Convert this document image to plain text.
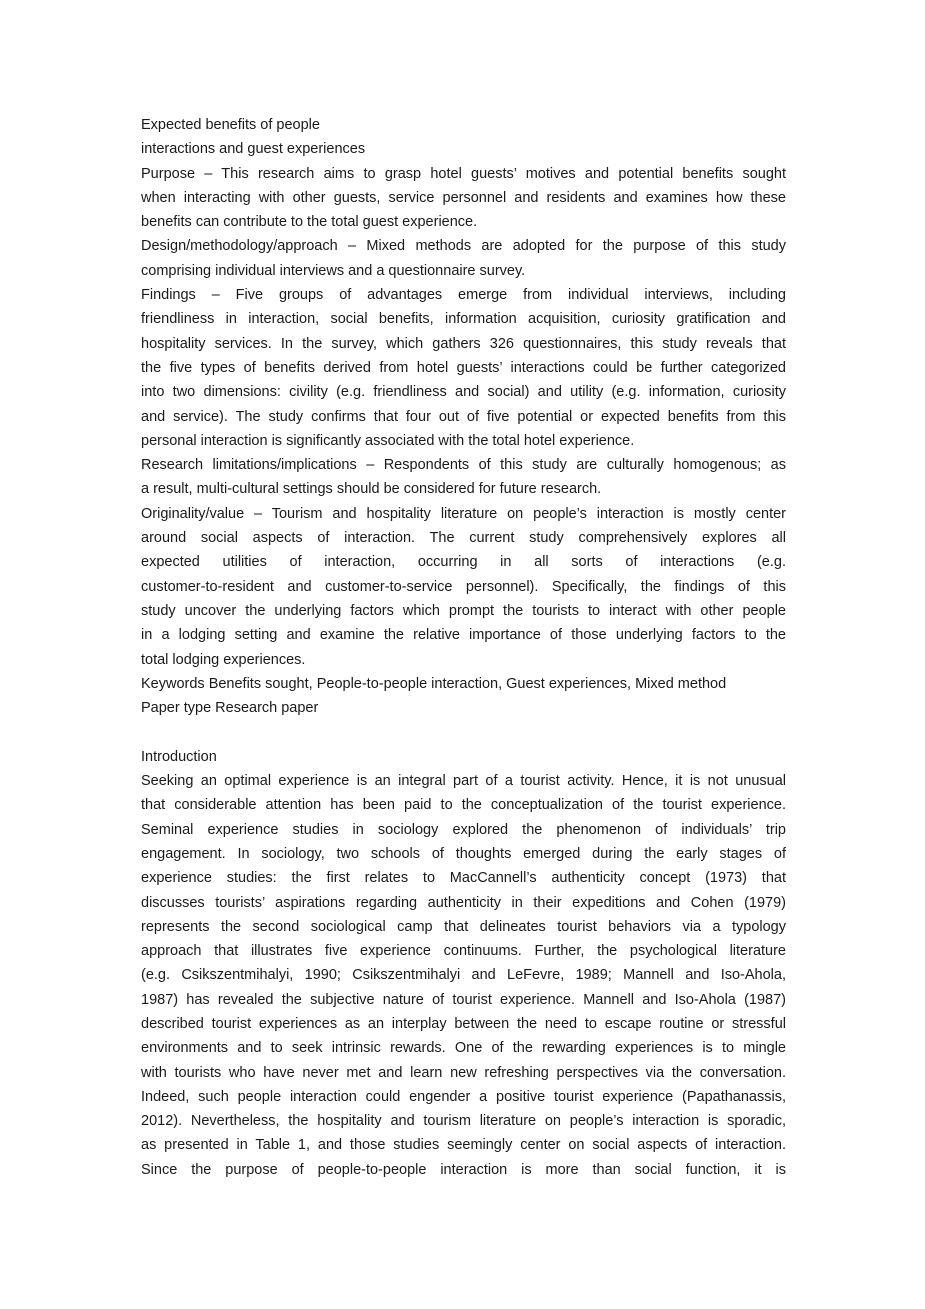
Expected benefits of people
interactions and guest experiences
Purpose – This research aims to grasp hotel guests’ motives and potential benefits sought
when interacting with other guests, service personnel and residents and examines how these
benefits can contribute to the total guest experience.
Design/methodology/approach – Mixed methods are adopted for the purpose of this study
comprising individual interviews and a questionnaire survey.
Findings – Five groups of advantages emerge from individual interviews, including
friendliness in interaction, social benefits, information acquisition, curiosity gratification and
hospitality services. In the survey, which gathers 326 questionnaires, this study reveals that
the five types of benefits derived from hotel guests’ interactions could be further categorized
into two dimensions: civility (e.g. friendliness and social) and utility (e.g. information, curiosity
and service). The study confirms that four out of five potential or expected benefits from this
personal interaction is significantly associated with the total hotel experience.
Research limitations/implications – Respondents of this study are culturally homogenous; as
a result, multi-cultural settings should be considered for future research.
Originality/value – Tourism and hospitality literature on people’s interaction is mostly center
around social aspects of interaction. The current study comprehensively explores all
expected utilities of interaction, occurring in all sorts of interactions (e.g.
customer-to-resident and customer-to-service personnel). Specifically, the findings of this
study uncover the underlying factors which prompt the tourists to interact with other people
in a lodging setting and examine the relative importance of those underlying factors to the
total lodging experiences.
Keywords Benefits sought, People-to-people interaction, Guest experiences, Mixed method
Paper type Research paper
Introduction
Seeking an optimal experience is an integral part of a tourist activity. Hence, it is not unusual
that considerable attention has been paid to the conceptualization of the tourist experience.
Seminal experience studies in sociology explored the phenomenon of individuals’ trip
engagement. In sociology, two schools of thoughts emerged during the early stages of
experience studies: the first relates to MacCannell’s authenticity concept (1973) that
discusses tourists’ aspirations regarding authenticity in their expeditions and Cohen (1979)
represents the second sociological camp that delineates tourist behaviors via a typology
approach that illustrates five experience continuums. Further, the psychological literature
(e.g. Csikszentmihalyi, 1990; Csikszentmihalyi and LeFevre, 1989; Mannell and Iso-Ahola,
1987) has revealed the subjective nature of tourist experience. Mannell and Iso-Ahola (1987)
described tourist experiences as an interplay between the need to escape routine or stressful
environments and to seek intrinsic rewards. One of the rewarding experiences is to mingle
with tourists who have never met and learn new refreshing perspectives via the conversation.
Indeed, such people interaction could engender a positive tourist experience (Papathanassis,
2012). Nevertheless, the hospitality and tourism literature on people’s interaction is sporadic,
as presented in Table 1, and those studies seemingly center on social aspects of interaction.
Since the purpose of people-to-people interaction is more than social function, it is
